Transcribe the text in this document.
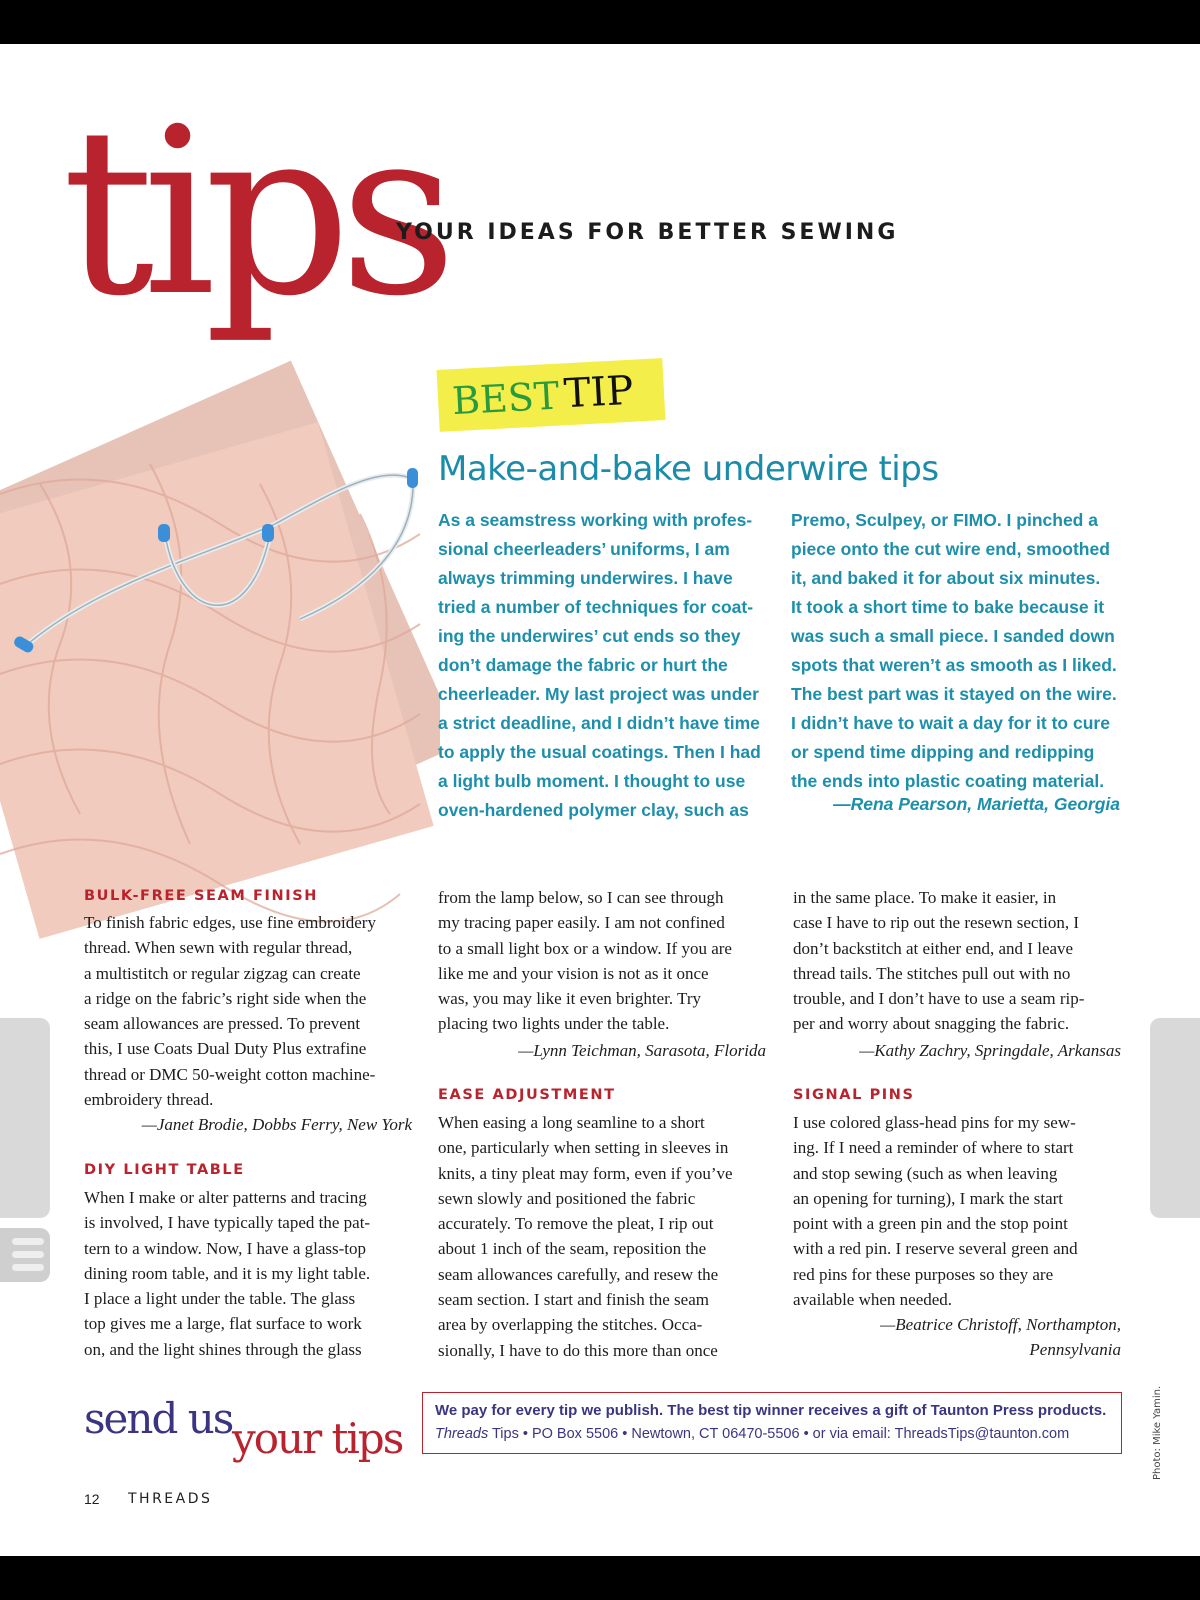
tips

YOUR IDEAS FOR BETTER SEWING

BEST TIP
Make-and-bake underwire tips
As a seamstress working with profes-
sional cheerleaders’ uniforms, I am
always trimming underwires. I have
tried a number of techniques for coat-
ing the underwires’ cut ends so they
don’t damage the fabric or hurt the
cheerleader. My last project was under
a strict deadline, and I didn’t have time
to apply the usual coatings. Then I had
a light bulb moment. I thought to use
oven-hardened polymer clay, such as
Premo, Sculpey, or FIMO. I pinched a
piece onto the cut wire end, smoothed
it, and baked it for about six minutes.
It took a short time to bake because it
was such a small piece. I sanded down
spots that weren’t as smooth as I liked.
The best part was it stayed on the wire.
I didn’t have to wait a day for it to cure
or spend time dipping and redipping
the ends into plastic coating material.

—Rena Pearson, Marietta, Georgia

BULK-FREE SEAM FINISH

To finish fabric edges, use fine embroidery
thread. When sewn with regular thread,
a multistitch or regular zigzag can create
a ridge on the fabric’s right side when the
seam allowances are pressed. To prevent
this, I use Coats Dual Duty Plus extrafine
thread or DMC 50-weight cotton machine-
embroidery thread.

—Janet Brodie, Dobbs Ferry, New York

DIY LIGHT TABLE

When I make or alter patterns and tracing
is involved, I have typically taped the pat-
tern to a window. Now, I have a glass-top
dining room table, and it is my light table.
I place a light under the table. The glass
top gives me a large, flat surface to work
on, and the light shines through the glass
from the lamp below, so I can see through
my tracing paper easily. I am not confined
to a small light box or a window. If you are
like me and your vision is not as it once
was, you may like it even brighter. Try
placing two lights under the table.

—Lynn Teichman, Sarasota, Florida

EASE ADJUSTMENT

When easing a long seamline to a short
one, particularly when setting in sleeves in
knits, a tiny pleat may form, even if you’ve
sewn slowly and positioned the fabric
accurately. To remove the pleat, I rip out
about 1 inch of the seam, reposition the
seam allowances carefully, and resew the
seam section. I start and finish the seam
area by overlapping the stitches. Occa-
sionally, I have to do this more than once
in the same place. To make it easier, in
case I have to rip out the resewn section, I
don’t backstitch at either end, and I leave
thread tails. The stitches pull out with no
trouble, and I don’t have to use a seam rip-
per and worry about snagging the fabric.

—Kathy Zachry, Springdale, Arkansas

SIGNAL PINS

I use colored glass-head pins for my sew-
ing. If I need a reminder of where to start
and stop sewing (such as when leaving
an opening for turning), I mark the start
point with a green pin and the stop point
with a red pin. I reserve several green and
red pins for these purposes so they are
available when needed.

—Beatrice Christoff, Northampton,
Pennsylvania

Photo: Mike Yamin.
send us your tips
We pay for every tip we publish. The best tip winner receives a gift of Taunton Press products.
Threads Tips • PO Box 5506 • Newtown, CT 06470-5506 • or via email: ThreadsTips@taunton.com
12 THREADS
